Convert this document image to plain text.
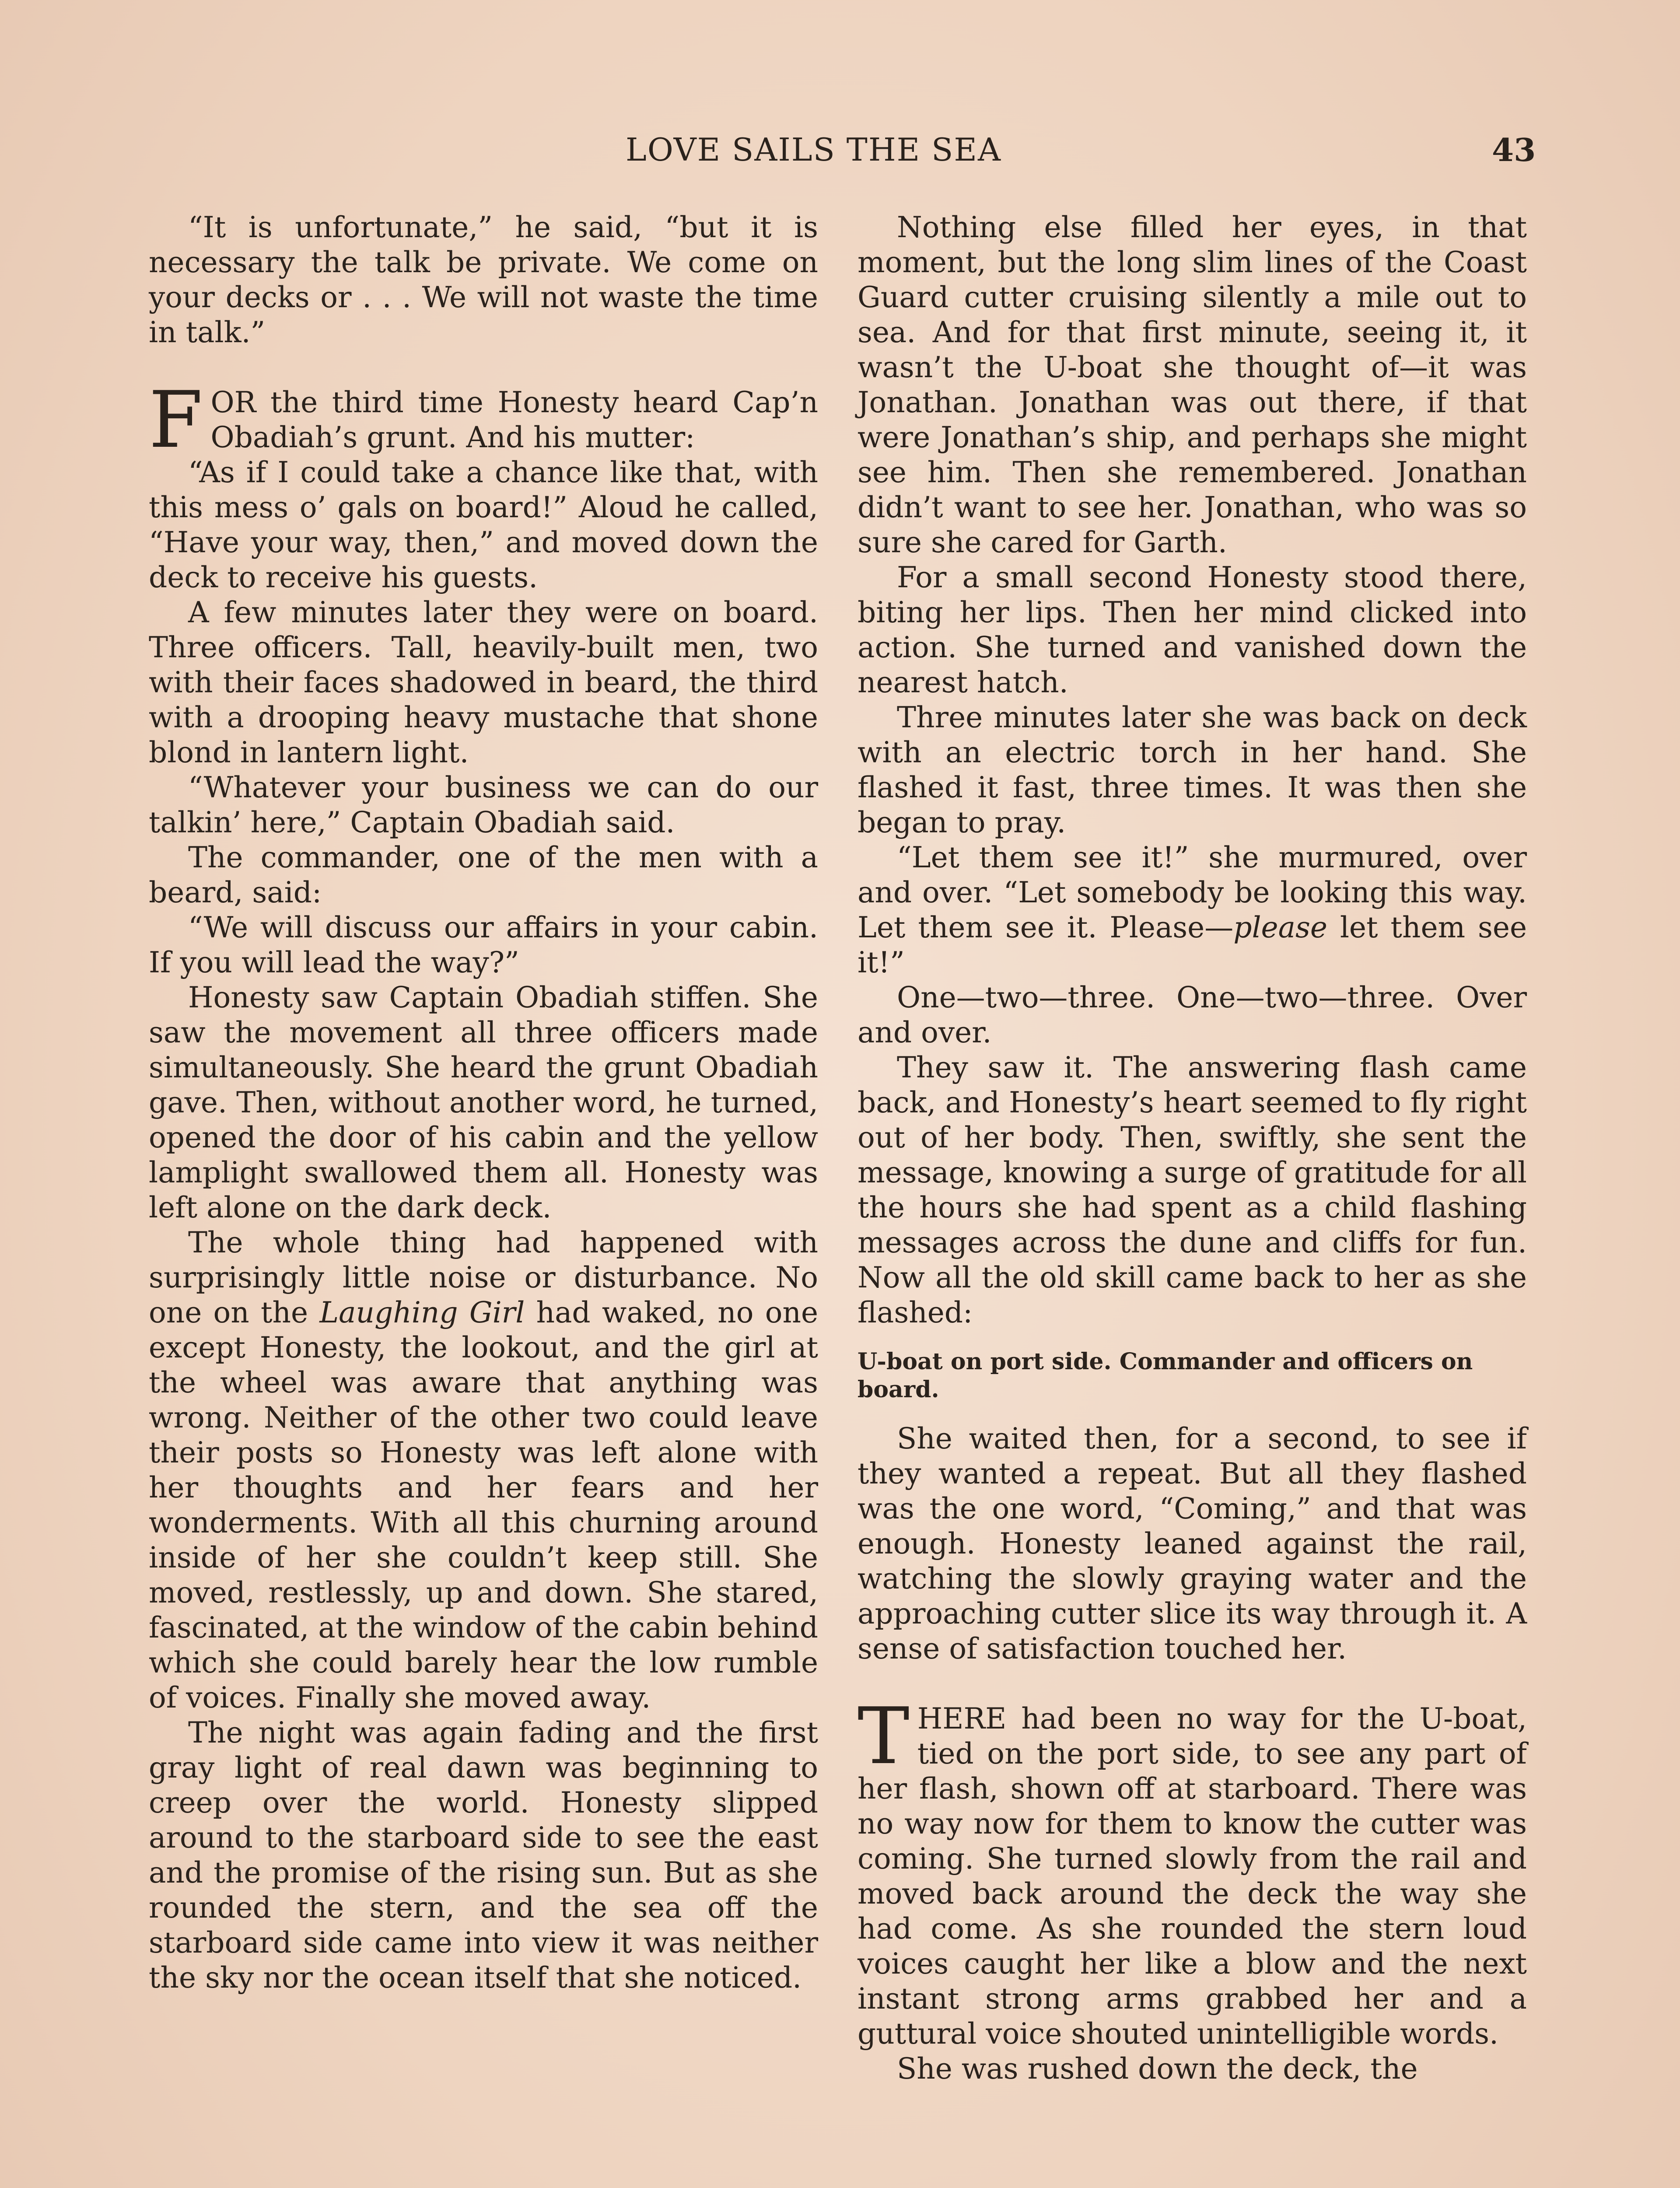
LOVE SAILS THE SEA	43

“It is unfortunate,” he said, “but it is necessary the talk be private. We come on your decks or . . . We will not waste the time in talk.”

FOR the third time Honesty heard Cap’n Obadiah’s grunt. And his mutter:

“As if I could take a chance like that, with this mess o’ gals on board!” Aloud he called, “Have your way, then,” and moved down the deck to receive his guests.

A few minutes later they were on board. Three officers. Tall, heavily-built men, two with their faces shadowed in beard, the third with a drooping heavy mustache that shone blond in lantern light.

“Whatever your business we can do our talkin’ here,” Captain Obadiah said.

The commander, one of the men with a beard, said:

“We will discuss our affairs in your cabin. If you will lead the way?”

Honesty saw Captain Obadiah stiffen. She saw the movement all three officers made simultaneously. She heard the grunt Obadiah gave. Then, without another word, he turned, opened the door of his cabin and the yellow lamplight swallowed them all. Honesty was left alone on the dark deck.

The whole thing had happened with surprisingly little noise or disturbance. No one on the Laughing Girl had waked, no one except Honesty, the lookout, and the girl at the wheel was aware that anything was wrong. Neither of the other two could leave their posts so Honesty was left alone with her thoughts and her fears and her wonderments. With all this churning around inside of her she couldn’t keep still. She moved, restlessly, up and down. She stared, fascinated, at the window of the cabin behind which she could barely hear the low rumble of voices. Finally she moved away.

The night was again fading and the first gray light of real dawn was beginning to creep over the world. Honesty slipped around to the starboard side to see the east and the promise of the rising sun. But as she rounded the stern, and the sea off the starboard side came into view it was neither the sky nor the ocean itself that she noticed.

Nothing else filled her eyes, in that moment, but the long slim lines of the Coast Guard cutter cruising silently a mile out to sea. And for that first minute, seeing it, it wasn’t the U-boat she thought of—it was Jonathan. Jonathan was out there, if that were Jonathan’s ship, and perhaps she might see him. Then she remembered. Jonathan didn’t want to see her. Jonathan, who was so sure she cared for Garth.

For a small second Honesty stood there, biting her lips. Then her mind clicked into action. She turned and vanished down the nearest hatch.

Three minutes later she was back on deck with an electric torch in her hand. She flashed it fast, three times. It was then she began to pray.

“Let them see it!” she murmured, over and over. “Let somebody be looking this way. Let them see it. Please—please let them see it!”

One—two—three. One—two—three. Over and over.

They saw it. The answering flash came back, and Honesty’s heart seemed to fly right out of her body. Then, swiftly, she sent the message, knowing a surge of gratitude for all the hours she had spent as a child flashing messages across the dune and cliffs for fun. Now all the old skill came back to her as she flashed:

U-boat on port side. Commander and officers on board.

She waited then, for a second, to see if they wanted a repeat. But all they flashed was the one word, “Coming,” and that was enough. Honesty leaned against the rail, watching the slowly graying water and the approaching cutter slice its way through it. A sense of satisfaction touched her.

THERE had been no way for the U-boat, tied on the port side, to see any part of her flash, shown off at starboard. There was no way now for them to know the cutter was coming. She turned slowly from the rail and moved back around the deck the way she had come. As she rounded the stern loud voices caught her like a blow and the next instant strong arms grabbed her and a guttural voice shouted unintelligible words.

She was rushed down the deck, the
